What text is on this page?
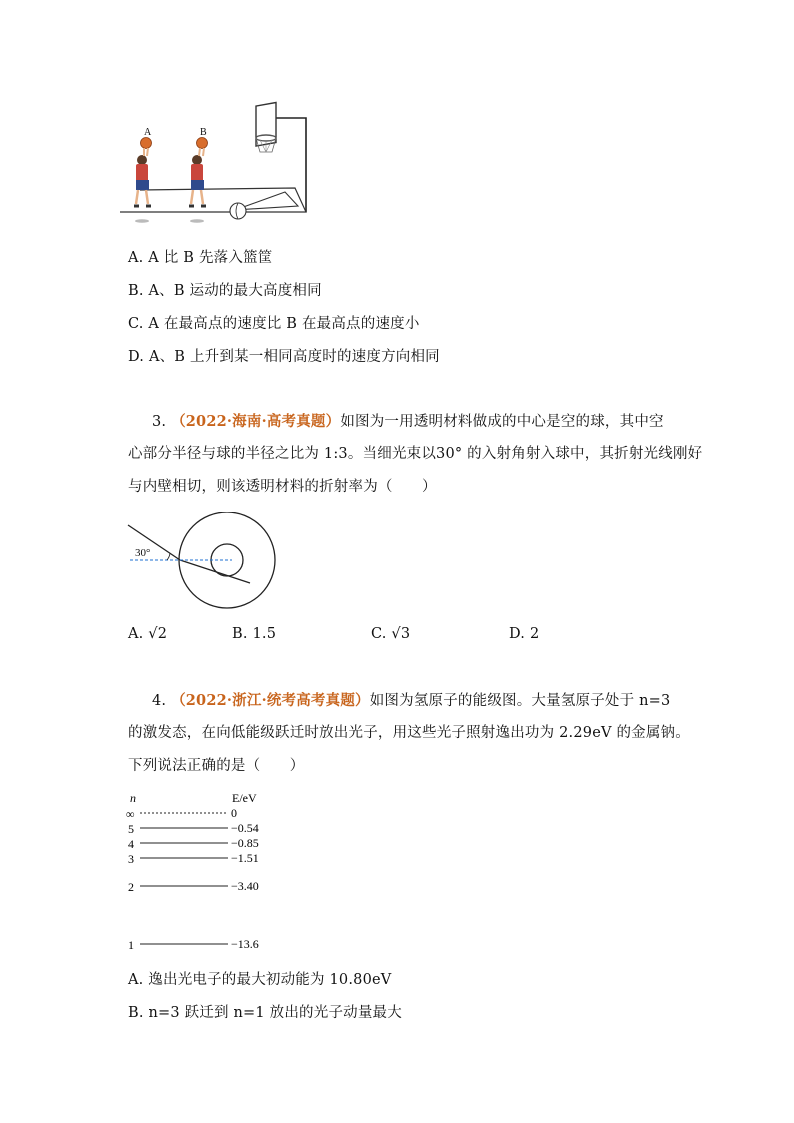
A	B
A. A 比 B 先落入篮筐
B. A、B 运动的最大高度相同
C. A 在最高点的速度比 B 在最高点的速度小
D. A、B 上升到某一相同高度时的速度方向相同
3. （2022·海南·高考真题）如图为一用透明材料做成的中心是空的球，其中空
心部分半径与球的半径之比为 1:3。当细光束以30° 的入射角射入球中，其折射光线刚好
与内壁相切，则该透明材料的折射率为（　　）
30°
A. √2	B. 1.5	C. √3	D. 2
4. （2022·浙江·统考高考真题）如图为氢原子的能级图。大量氢原子处于 n=3
的激发态，在向低能级跃迁时放出光子，用这些光子照射逸出功为 2.29eV 的金属钠。
下列说法正确的是（　　）
n	E/eV
∞	0
5	−0.54
4	−0.85
3	−1.51
2	−3.40
1	−13.6
A. 逸出光电子的最大初动能为 10.80eV
B. n=3 跃迁到 n=1 放出的光子动量最大
